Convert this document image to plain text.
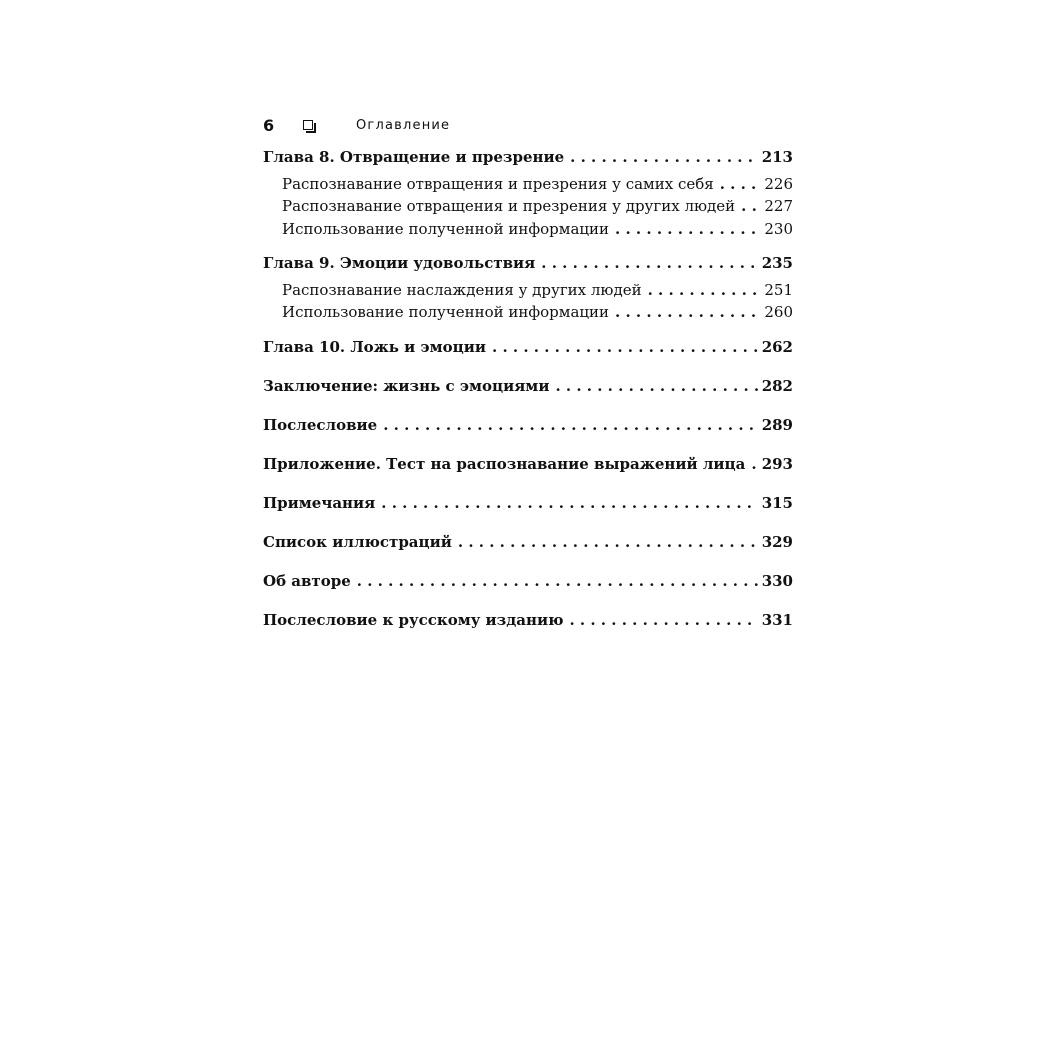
6	Оглавление
Глава 8. Отвращение и презрение . . .	213
Распознавание отвращения и презрения у самих себя . . .	226
Распознавание отвращения и презрения у других людей . . .	227
Использование полученной информации . . .	230
Глава 9. Эмоции удовольствия . . .	235
Распознавание наслаждения у других людей . . .	251
Использование полученной информации . . .	260
Глава 10. Ложь и эмоции . . .	262
Заключение: жизнь с эмоциями . . .	282
Послесловие . . .	289
Приложение. Тест на распознавание выражений лица . . .	293
Примечания . . .	315
Список иллюстраций . . .	329
Об авторе . . .	330
Послесловие к русскому изданию . . .	331
